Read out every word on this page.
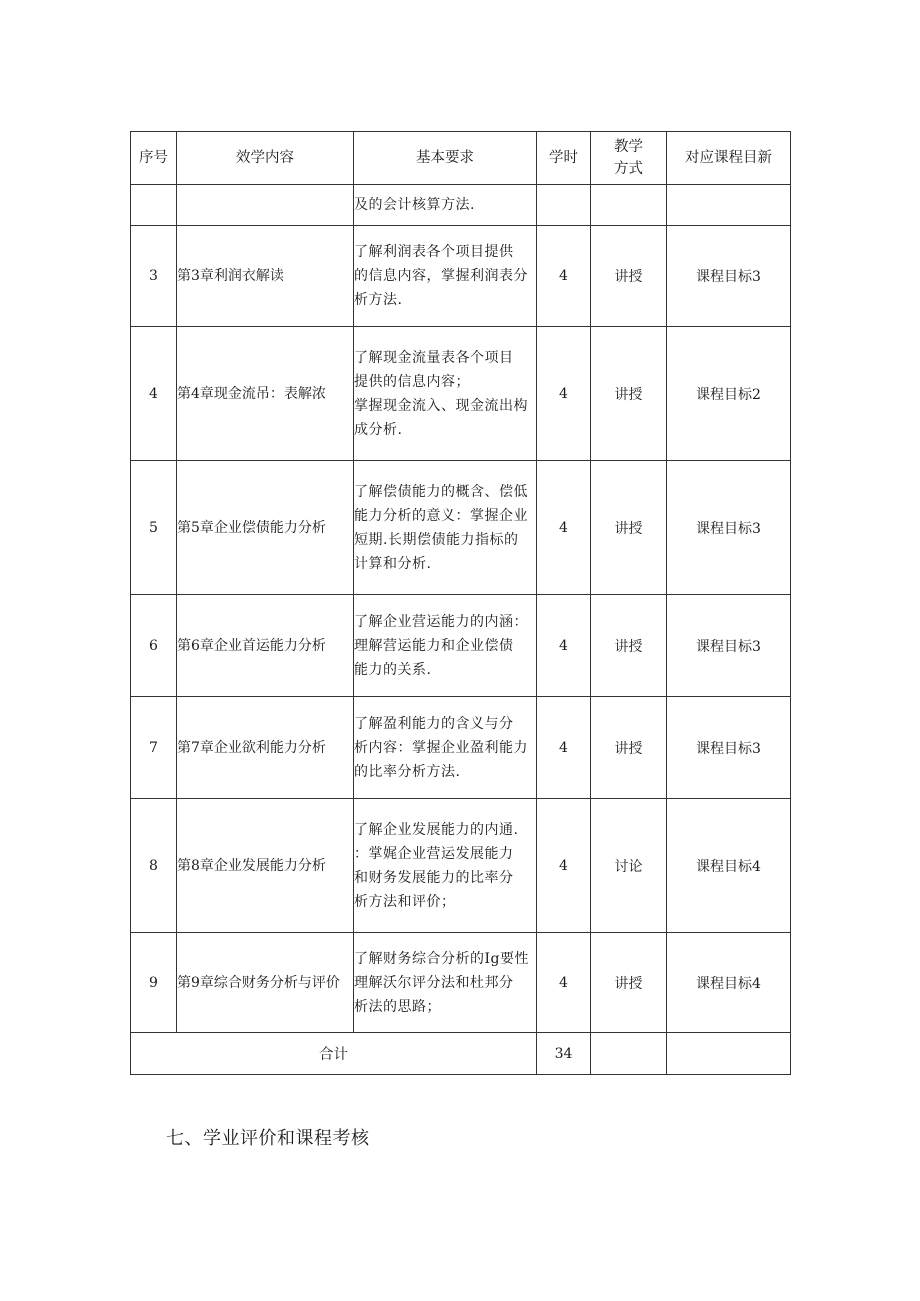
序号	效学内容	基本要求	学时	教学
方式	对应课程目新

		及的会计核算方法.			

3	第3章利润衣解读	了解利润表各个项目提供
的信息内容，掌握利润表分
析方法.	4	讲授	课程目标3
4	第4章现金流吊：表解浓	了解现金流量表各个项目
提供的信息内容；
掌握现金流入、现金流出构
成分析.	4	讲授	课程目标2
5	第5章企业偿债能力分析	了解偿债能力的概含、偿低
能力分析的意义：掌握企业
短期.长期偿债能力指标的
计算和分析.	4	讲授	课程目标3
6	第6章企业首运能力分析	了解企业营运能力的内涵：
理解营运能力和企业偿债
能力的关系.	4	讲授	课程目标3
7	第7章企业欲利能力分析	了解盈利能力的含义与分
析内容：掌握企业盈利能力
的比率分析方法.	4	讲授	课程目标3
8	第8章企业发展能力分析	了解企业发展能力的内通.
：掌娓企业营运发展能力
和财务发展能力的比率分
析方法和评价；	4	讨论	课程目标4
9	第9章综合财务分析与评价	了解财务综合分析的Ig要性
理解沃尔评分法和杜邦分
析法的思路；	4	讲授	课程目标4
合计			34		
七、学业评价和课程考核
